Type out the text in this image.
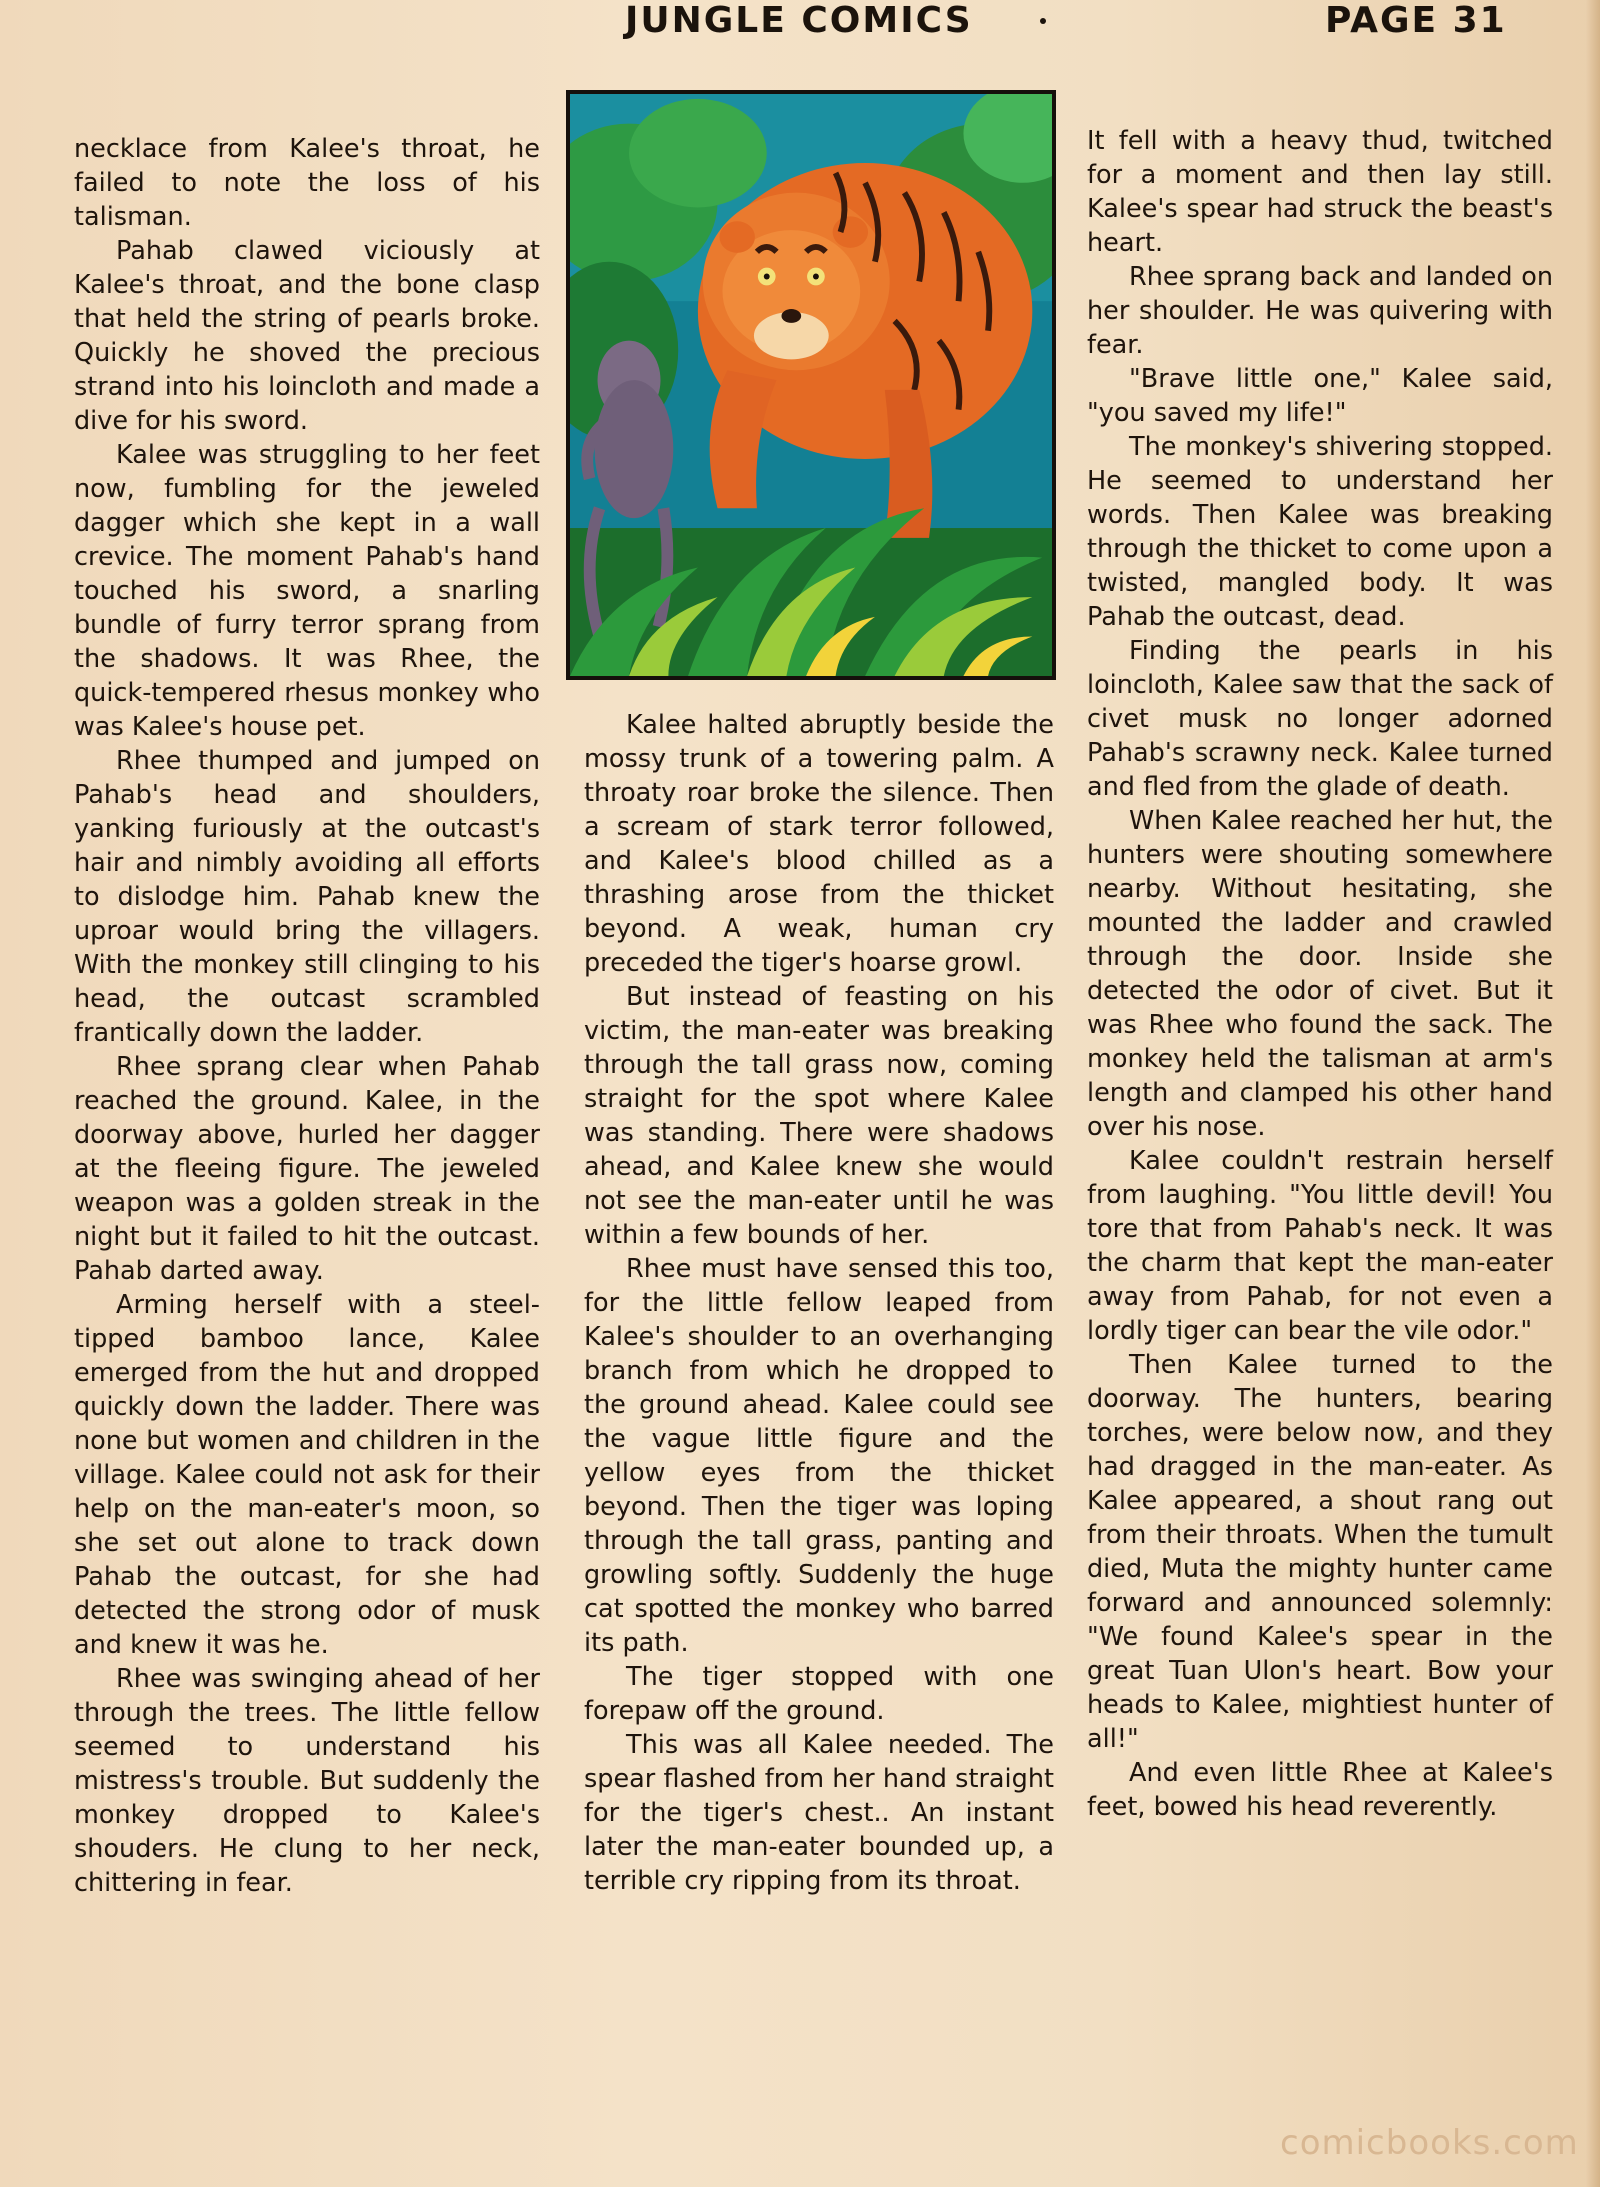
JUNGLE COMICS	PAGE 31

necklace from Kalee's throat, he failed to note the loss of his talisman.

Pahab clawed viciously at Kalee's throat, and the bone clasp that held the string of pearls broke. Quickly he shoved the precious strand into his loincloth and made a dive for his sword.

Kalee was struggling to her feet now, fumbling for the jeweled dagger which she kept in a wall crevice. The moment Pahab's hand touched his sword, a snarling bundle of furry terror sprang from the shadows. It was Rhee, the quick-tempered rhesus monkey who was Kalee's house pet.

Rhee thumped and jumped on Pahab's head and shoulders, yanking furiously at the outcast's hair and nimbly avoiding all efforts to dislodge him. Pahab knew the uproar would bring the villagers. With the monkey still clinging to his head, the outcast scrambled frantically down the ladder.

Rhee sprang clear when Pahab reached the ground. Kalee, in the doorway above, hurled her dagger at the fleeing figure. The jeweled weapon was a golden streak in the night but it failed to hit the outcast. Pahab darted away.

Arming herself with a steel-tipped bamboo lance, Kalee emerged from the hut and dropped quickly down the ladder. There was none but women and children in the village. Kalee could not ask for their help on the man-eater's moon, so she set out alone to track down Pahab the outcast, for she had detected the strong odor of musk and knew it was he.

Rhee was swinging ahead of her through the trees. The little fellow seemed to understand his mistress's trouble. But suddenly the monkey dropped to Kalee's shouders. He clung to her neck, chittering in fear.

Kalee halted abruptly beside the mossy trunk of a towering palm. A throaty roar broke the silence. Then a scream of stark terror followed, and Kalee's blood chilled as a thrashing arose from the thicket beyond. A weak, human cry preceded the tiger's hoarse growl.

But instead of feasting on his victim, the man-eater was breaking through the tall grass now, coming straight for the spot where Kalee was standing. There were shadows ahead, and Kalee knew she would not see the man-eater until he was within a few bounds of her.

Rhee must have sensed this too, for the little fellow leaped from Kalee's shoulder to an overhanging branch from which he dropped to the ground ahead. Kalee could see the vague little figure and the yellow eyes from the thicket beyond. Then the tiger was loping through the tall grass, panting and growling softly. Suddenly the huge cat spotted the monkey who barred its path.

The tiger stopped with one forepaw off the ground.

This was all Kalee needed. The spear flashed from her hand straight for the tiger's chest.. An instant later the man-eater bounded up, a terrible cry ripping from its throat.

It fell with a heavy thud, twitched for a moment and then lay still. Kalee's spear had struck the beast's heart.

Rhee sprang back and landed on her shoulder. He was quivering with fear.

"Brave little one," Kalee said, "you saved my life!"

The monkey's shivering stopped. He seemed to understand her words. Then Kalee was breaking through the thicket to come upon a twisted, mangled body. It was Pahab the outcast, dead.

Finding the pearls in his loincloth, Kalee saw that the sack of civet musk no longer adorned Pahab's scrawny neck. Kalee turned and fled from the glade of death.

When Kalee reached her hut, the hunters were shouting somewhere nearby. Without hesitating, she mounted the ladder and crawled through the door. Inside she detected the odor of civet. But it was Rhee who found the sack. The monkey held the talisman at arm's length and clamped his other hand over his nose.

Kalee couldn't restrain herself from laughing. "You little devil! You tore that from Pahab's neck. It was the charm that kept the man-eater away from Pahab, for not even a lordly tiger can bear the vile odor."

Then Kalee turned to the doorway. The hunters, bearing torches, were below now, and they had dragged in the man-eater. As Kalee appeared, a shout rang out from their throats. When the tumult died, Muta the mighty hunter came forward and announced solemnly: "We found Kalee's spear in the great Tuan Ulon's heart. Bow your heads to Kalee, mightiest hunter of all!"

And even little Rhee at Kalee's feet, bowed his head reverently.

comicbooks.com
